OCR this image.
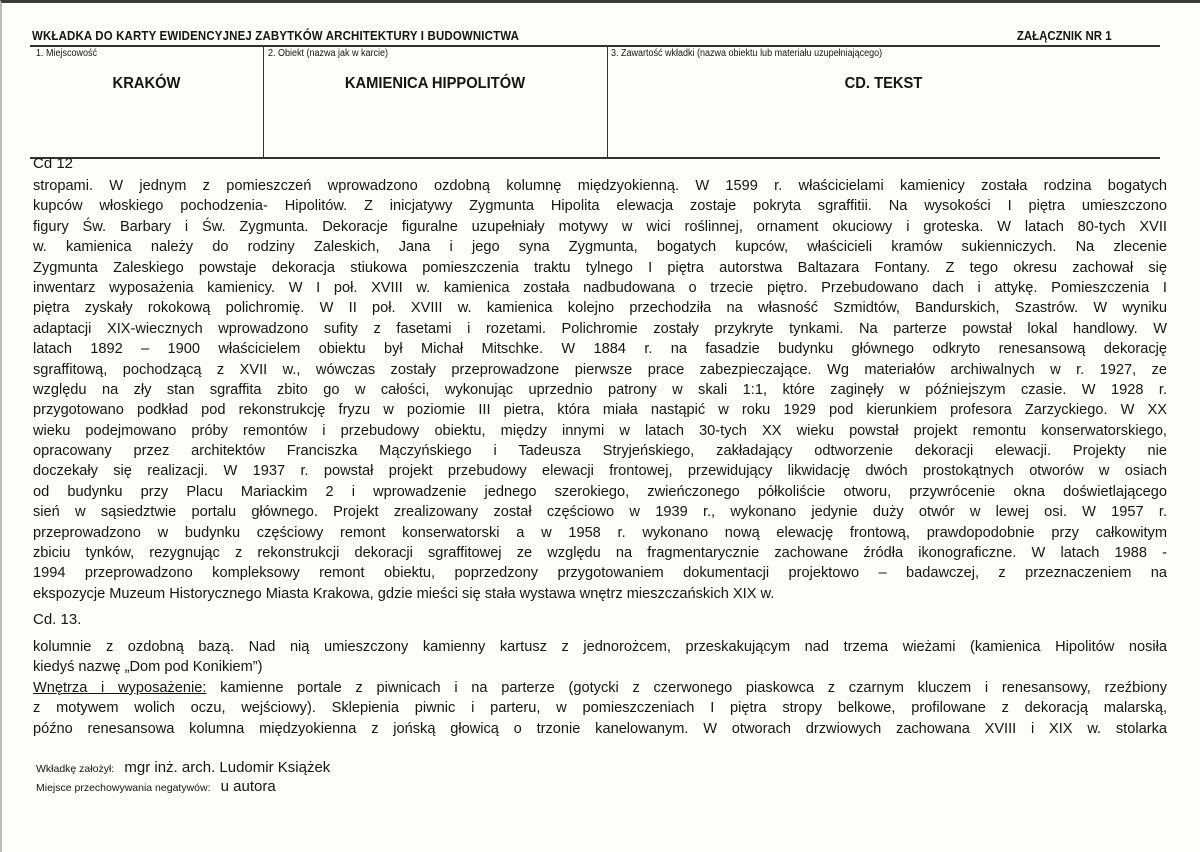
WKŁADKA DO KARTY EWIDENCYJNEJ ZABYTKÓW ARCHITEKTURY I BUDOWNICTWA	ZAŁĄCZNIK NR 1
1. Miejscowość	2. Obiekt (nazwa jak w karcie)	3. Zawartość wkładki (nazwa obiektu lub materiału uzupełniającego)
KRAKÓW	KAMIENICA HIPPOLITÓW	CD. TEKST
Cd 12
stropami. W jednym z pomieszczeń wprowadzono ozdobną kolumnę międzyokienną. W 1599 r. właścicielami kamienicy została rodzina bogatych
kupców włoskiego pochodzenia- Hipolitów. Z inicjatywy Zygmunta Hipolita elewacja zostaje pokryta sgraffitii. Na wysokości I piętra umieszczono
figury Św. Barbary i Św. Zygmunta. Dekoracje figuralne uzupełniały motywy w wici roślinnej, ornament okuciowy i groteska. W latach 80-tych XVII
w. kamienica należy do rodziny Zaleskich, Jana i jego syna Zygmunta, bogatych kupców, właścicieli kramów sukienniczych. Na zlecenie
Zygmunta Zaleskiego powstaje dekoracja stiukowa pomieszczenia traktu tylnego I piętra autorstwa Baltazara Fontany. Z tego okresu zachował się
inwentarz wyposażenia kamienicy. W I poł. XVIII w. kamienica została nadbudowana o trzecie piętro. Przebudowano dach i attykę. Pomieszczenia I
piętra zyskały rokokową polichromię. W II poł. XVIII w. kamienica kolejno przechodziła na własność Szmidtów, Bandurskich, Szastrów. W wyniku
adaptacji XIX-wiecznych wprowadzono sufity z fasetami i rozetami. Polichromie zostały przykryte tynkami. Na parterze powstał lokal handlowy. W
latach 1892 – 1900 właścicielem obiektu był Michał Mitschke. W 1884 r. na fasadzie budynku głównego odkryto renesansową dekorację
sgraffitową, pochodzącą z XVII w., wówczas zostały przeprowadzone pierwsze prace zabezpieczające. Wg materiałów archiwalnych w r. 1927, ze
względu na zły stan sgraffita zbito go w całości, wykonując uprzednio patrony w skali 1:1, które zaginęły w późniejszym czasie. W 1928 r.
przygotowano podkład pod rekonstrukcję fryzu w poziomie III pietra, która miała nastąpić w roku 1929 pod kierunkiem profesora Zarzyckiego. W XX
wieku podejmowano próby remontów i przebudowy obiektu, między innymi w latach 30-tych XX wieku powstał projekt remontu konserwatorskiego,
opracowany przez architektów Franciszka Mączyńskiego i Tadeusza Stryjeńskiego, zakładający odtworzenie dekoracji elewacji. Projekty nie
doczekały się realizacji. W 1937 r. powstał projekt przebudowy elewacji frontowej, przewidujący likwidację dwóch prostokątnych otworów w osiach
od budynku przy Placu Mariackim 2 i wprowadzenie jednego szerokiego, zwieńczonego półkoliście otworu, przywrócenie okna doświetlającego
sień w sąsiedztwie portalu głównego. Projekt zrealizowany został częściowo w 1939 r., wykonano jedynie duży otwór w lewej osi. W 1957 r.
przeprowadzono w budynku częściowy remont konserwatorski a w 1958 r. wykonano nową elewację frontową, prawdopodobnie przy całkowitym
zbiciu tynków, rezygnując z rekonstrukcji dekoracji sgraffitowej ze względu na fragmentarycznie zachowane źródła ikonograficzne. W latach 1988 -
1994 przeprowadzono kompleksowy remont obiektu, poprzedzony przygotowaniem dokumentacji projektowo – badawczej, z przeznaczeniem na
ekspozycje Muzeum Historycznego Miasta Krakowa, gdzie mieści się stała wystawa wnętrz mieszczańskich XIX w.
Cd. 13.
kolumnie z ozdobną bazą. Nad nią umieszczony kamienny kartusz z jednorożcem, przeskakującym nad trzema wieżami (kamienica Hipolitów nosiła
kiedyś nazwę „Dom pod Konikiem”)
Wnętrza i wyposażenie: kamienne portale z piwnicach i na parterze (gotycki z czerwonego piaskowca z czarnym kluczem i renesansowy, rzeźbiony
z motywem wolich oczu, wejściowy). Sklepienia piwnic i parteru, w pomieszczeniach I piętra stropy belkowe, profilowane z dekoracją malarską,
późno renesansowa kolumna międzyokienna z jońską głowicą o trzonie kanelowanym. W otworach drzwiowych zachowana XVIII i XIX w. stolarka
Wkładkę założył: mgr inż. arch. Ludomir Książek
Miejsce przechowywania negatywów: u autora
